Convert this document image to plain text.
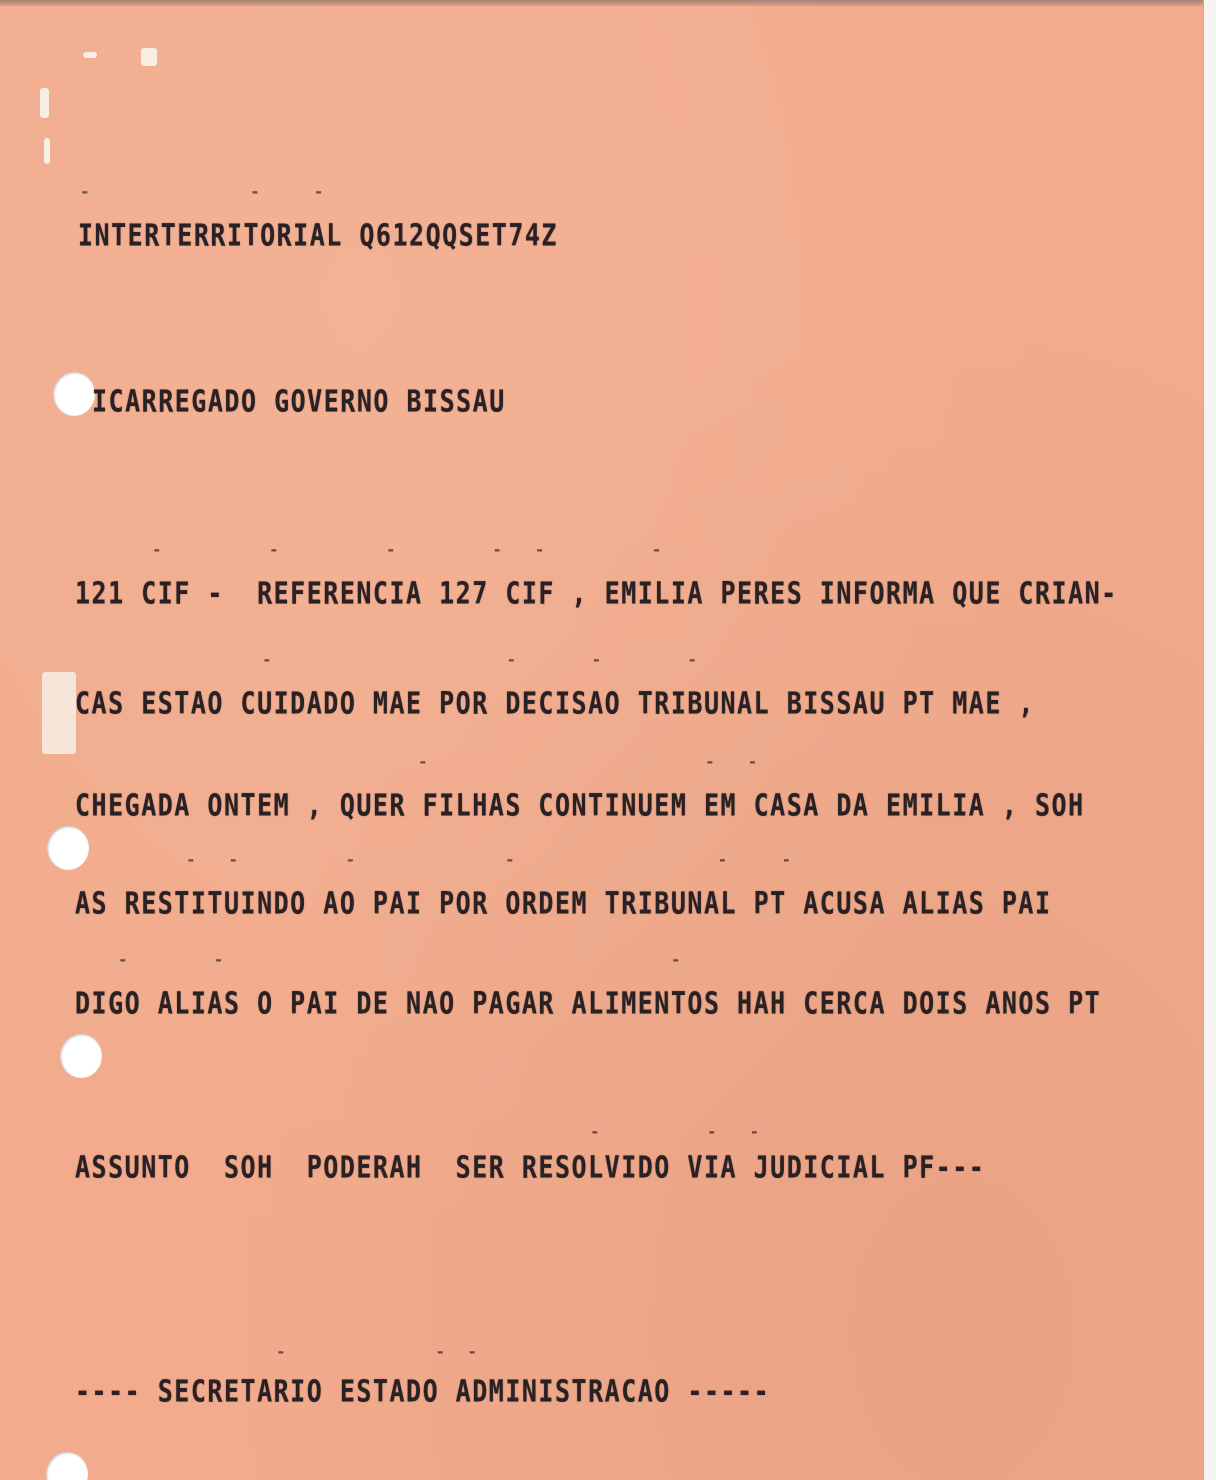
-               -     -
-          -          -         -   -          -
-                      -       -        -
-                          -   -
-   -          -              -                   -     -
-        -                                          -
-          -   -
-              -  -

INTERTERRITORIAL Q612QQSET74Z

ICARREGADO GOVERNO BISSAU

121 CIF -  REFERENCIA 127 CIF , EMILIA PERES INFORMA QUE CRIAN-

CAS ESTAO CUIDADO MAE POR DECISAO TRIBUNAL BISSAU PT MAE ,

CHEGADA ONTEM , QUER FILHAS CONTINUEM EM CASA DA EMILIA , SOH

AS RESTITUINDO AO PAI POR ORDEM TRIBUNAL PT ACUSA ALIAS PAI

DIGO ALIAS O PAI DE NAO PAGAR ALIMENTOS HAH CERCA DOIS ANOS PT

ASSUNTO  SOH  PODERAH  SER RESOLVIDO VIA JUDICIAL PF---

---- SECRETARIO ESTADO ADMINISTRACAO -----
